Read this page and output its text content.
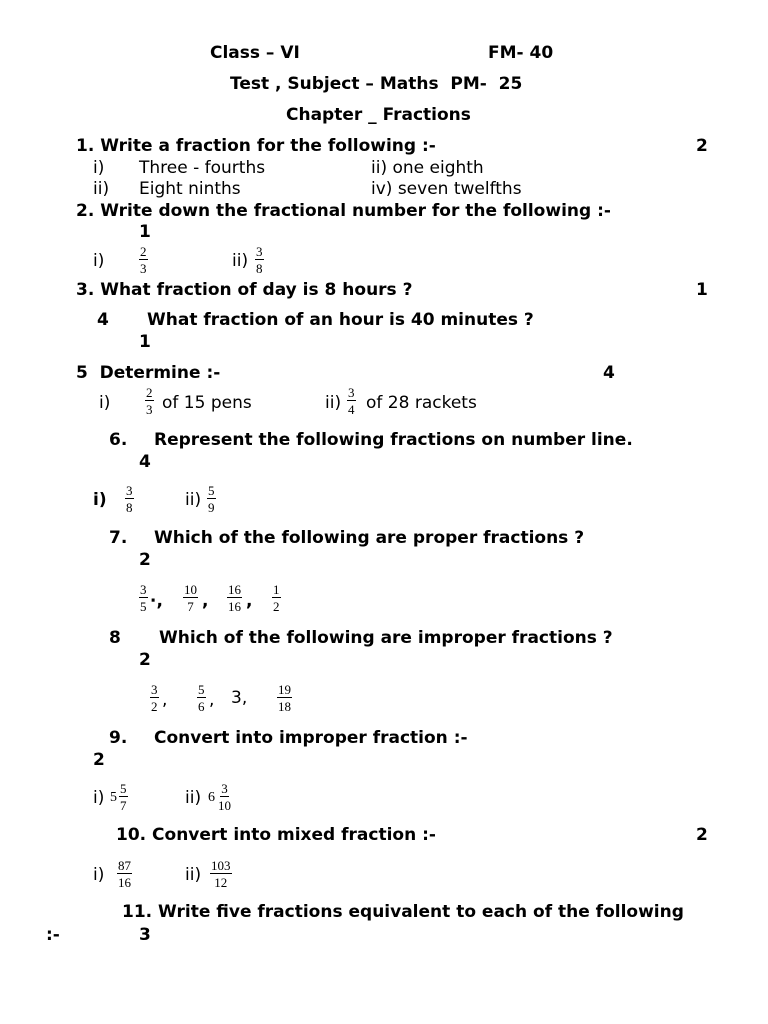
Class – VI	FM- 40
Test , Subject – Maths  PM-  25
Chapter _ Fractions
1. Write a fraction for the following :-	2
i) Three - fourths	ii) one eighth
ii) Eight ninths	iv) seven twelfths
2. Write down the fractional number for the following :-
1
i)	$\frac{2}{3}$	$ii) \frac{3}{8}$
3. What fraction of day is 8 hours ?	1
4 What fraction of an hour is 40 minutes ?
1
5  Determine :-	4
i)	$\frac{2}{3}$ of 15 pens	$ii) \frac{3}{4}$ of 28 rackets
6. Represent the following fractions on number line.
4
$i) \frac{3}{8}$	$ii) \frac{5}{9}$
7. Which of the following are proper fractions ?
2
$\frac{3}{5}$ ⋅, $\frac{10}{7}$ , $\frac{16}{16}$ , $\frac{1}{2}$
8 Which of the following are improper fractions ?
2
$\frac{3}{2}$ , $\frac{5}{6}$ , 3, $\frac{19}{18}$
9. Convert into improper fraction :-
2
i) $5 \frac{5}{7}$	ii) $6 \frac{3}{10}$
10. Convert into mixed fraction :-	2
$i) \frac{87}{16}$	$ii) \frac{103}{12}$
11. Write five fractions equivalent to each of the following
:-	3
